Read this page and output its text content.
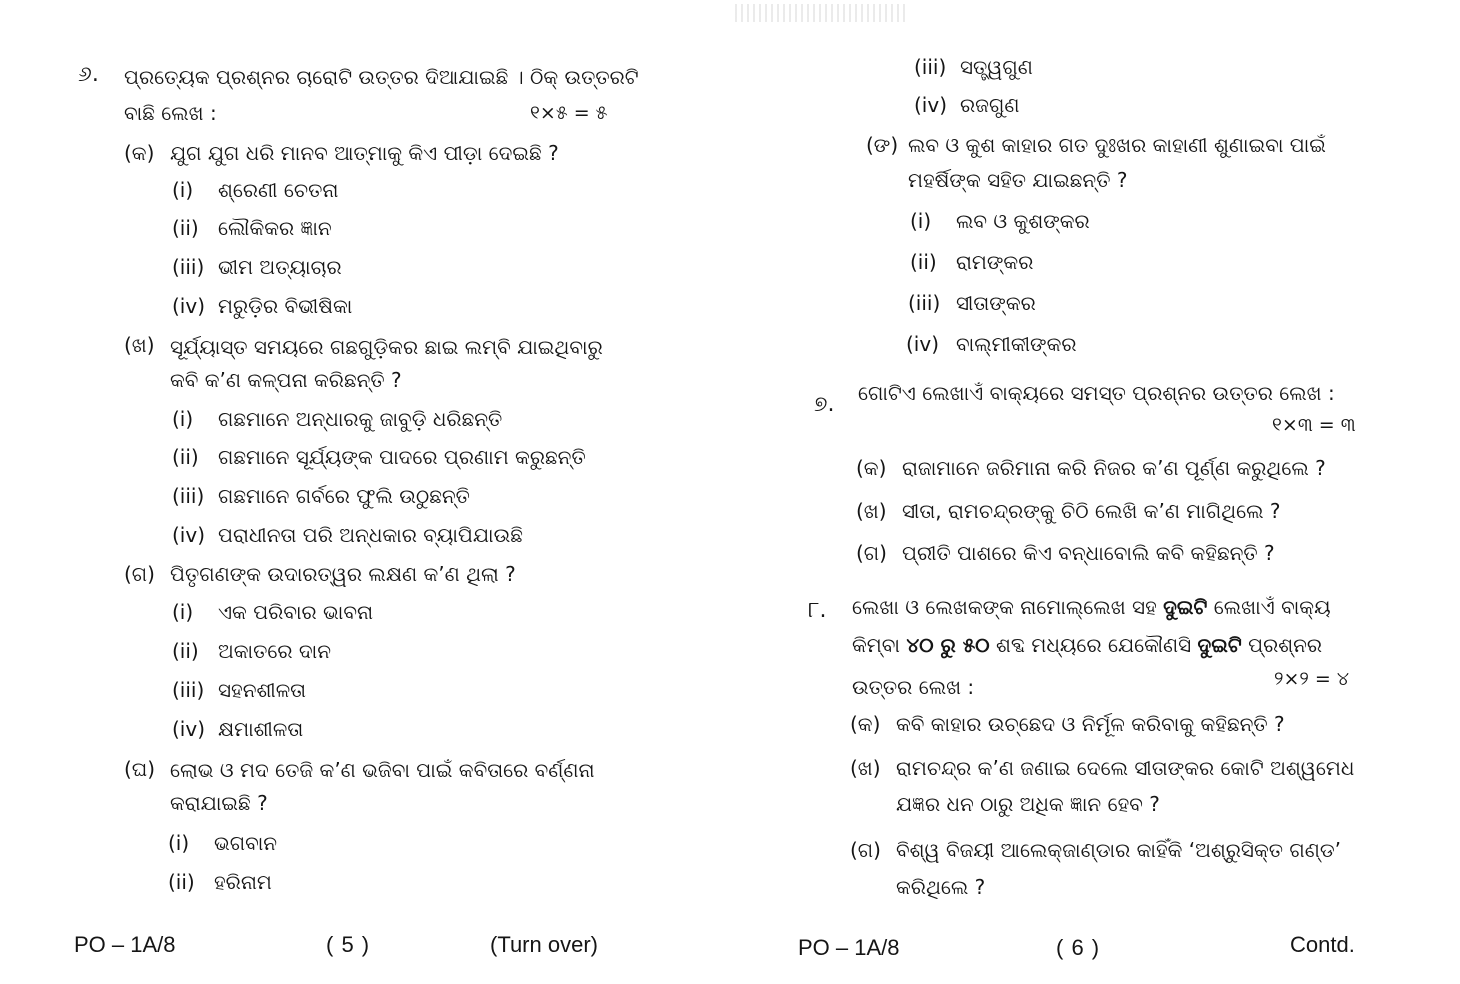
୬. ପ୍ରତ୍ୟେକ ପ୍ରଶ୍ନର ଚାରୋଟି ଉତ୍ତର ଦିଆଯାଇଛି । ଠିକ୍ ଉତ୍ତରଟି
ବାଛି ଲେଖ :	୧×୫ = ୫
(କ) ଯୁଗ ଯୁଗ ଧରି ମାନବ ଆତ୍ମାକୁ କିଏ ପୀଡ଼ା ଦେଇଛି ?
(i) ଶ୍ରେଣୀ ଚେତନା
(ii) ଲୌକିକର ଜ୍ଞାନ
(iii) ଭୀମ ଅତ୍ୟାଚାର
(iv) ମରୁଡ଼ିର ବିଭୀଷିକା
(ଖ) ସୂର୍ଯ୍ୟାସ୍ତ ସମୟରେ ଗଛଗୁଡ଼ିକର ଛାଇ ଲମ୍ବି ଯାଇଥିବାରୁ
କବି କ’ଣ କଳ୍ପନା କରିଛନ୍ତି ?
(i) ଗଛମାନେ ଅନ୍ଧାରକୁ ଜାବୁଡ଼ି ଧରିଛନ୍ତି
(ii) ଗଛମାନେ ସୂର୍ଯ୍ୟଙ୍କ ପାଦରେ ପ୍ରଣାମ କରୁଛନ୍ତି
(iii) ଗଛମାନେ ଗର୍ବରେ ଫୁଲି ଉଠୁଛନ୍ତି
(iv) ପରାଧୀନତା ପରି ଅନ୍ଧକାର ବ୍ୟାପିଯାଉଛି
(ଗ) ପିତୃଗଣଙ୍କ ଉଦାରତ୍ୱର ଲକ୍ଷଣ କ’ଣ ଥିଲା ?
(i) ଏକ ପରିବାର ଭାବନା
(ii) ଅକାତରେ ଦାନ
(iii) ସହନଶୀଳତା
(iv) କ୍ଷମାଶୀଳତା
(ଘ) ଲୋଭ ଓ ମଦ ତେଜି କ’ଣ ଭଜିବା ପାଇଁ କବିତାରେ ବର୍ଣ୍ଣନା
କରାଯାଇଛି ?
(i) ଭଗବାନ
(ii) ହରିନାମ
PO – 1A/8	( 5 )	(Turn over)
(iii) ସତ୍ତ୍ୱଗୁଣ
(iv) ରଜଗୁଣ
(ଙ) ଲବ ଓ କୁଶ କାହାର ଗତ ଦୁଃଖର କାହାଣୀ ଶୁଣାଇବା ପାଇଁ
ମହର୍ଷିଙ୍କ ସହିତ ଯାଇଛନ୍ତି ?
(i) ଲବ ଓ କୁଶଙ୍କର
(ii) ରାମଙ୍କର
(iii) ସୀତାଙ୍କର
(iv) ବାଲ୍ମୀକୀଙ୍କର
୭. ଗୋଟିଏ ଲେଖାଏଁ ବାକ୍ୟରେ ସମସ୍ତ ପ୍ରଶ୍ନର ଉତ୍ତର ଲେଖ :
୧×୩ = ୩
(କ) ରାଜାମାନେ ଜରିମାନା କରି ନିଜର କ’ଣ ପୂର୍ଣ୍ଣ କରୁଥିଲେ ?
(ଖ) ସୀତା, ରାମଚନ୍ଦ୍ରଙ୍କୁ ଚିଠି ଲେଖି କ’ଣ ମାଗିଥିଲେ ?
(ଗ) ପ୍ରୀତି ପାଶରେ କିଏ ବନ୍ଧାବୋଲି କବି କହିଛନ୍ତି ?
୮. ଲେଖା ଓ ଲେଖକଙ୍କ ନାମୋଲ୍ଲେଖ ସହ ଦୁଇଟି ଲେଖାଏଁ ବାକ୍ୟ
କିମ୍ବା ୪୦ ରୁ ୫୦ ଶବ୍ଦ ମଧ୍ୟରେ ଯେକୌଣସି ଦୁଇଟି ପ୍ରଶ୍ନର
ଉତ୍ତର ଲେଖ :	୨×୨ = ୪
(କ) କବି କାହାର ଉଚ୍ଛେଦ ଓ ନିର୍ମୂଳ କରିବାକୁ କହିଛନ୍ତି ?
(ଖ) ରାମଚନ୍ଦ୍ର କ’ଣ ଜଣାଇ ଦେଲେ ସୀତାଙ୍କର କୋଟି ଅଶ୍ୱମେଧ
ଯଜ୍ଞର ଧନ ଠାରୁ ଅଧିକ ଜ୍ଞାନ ହେବ ?
(ଗ) ବିଶ୍ୱ ବିଜୟୀ ଆଲେକ୍‌ଜାଣ୍ଡାର କାହିଁକି ‘ଅଶ୍ରୁସିକ୍ତ ଗଣ୍ଡ’
କରିଥିଲେ ?
PO – 1A/8	( 6 )	Contd.
